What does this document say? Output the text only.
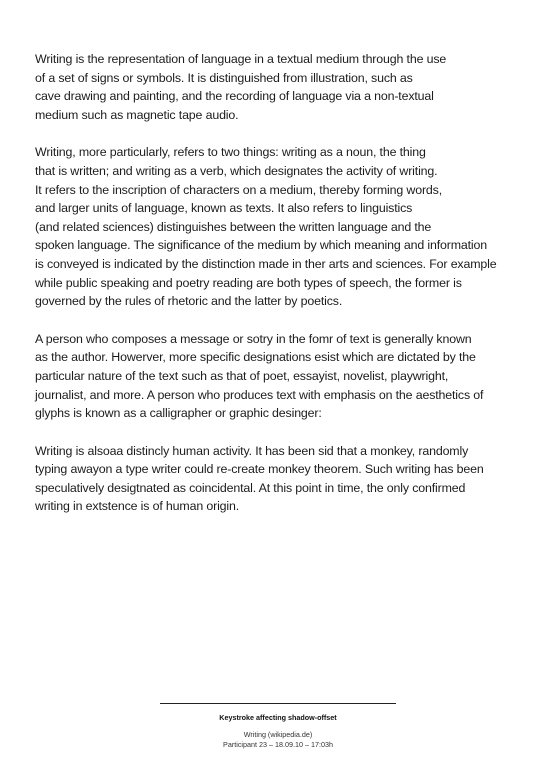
Writing is the representation of language in a textual medium through the use
of a set of signs or symbols. It is distinguished from illustration, such as
cave drawing and painting, and the recording of language via a non-textual
medium such as magnetic tape audio.

Writing, more particularly, refers to two things: writing as a noun, the thing
that is written; and writing as a verb, which designates the activity of writing.
It refers to the inscription of characters on a medium, thereby forming words,
and larger units of language, known as texts. It also refers to linguistics
(and related sciences) distinguishes between the written language and the
spoken language. The significance of the medium by which meaning and information
is conveyed is indicated by the distinction made in ther arts and sciences. For example
while public speaking and poetry reading are both types of speech, the former is
governed by the rules of rhetoric and the latter by poetics.

A person who composes a message or sotry in the fomr of text is generally known
as the author. Howerver, more specific designations esist which are dictated by the
particular nature of the text such as that of poet, essayist, novelist, playwright,
journalist, and more. A person who produces text with emphasis on the aesthetics of
glyphs is known as a calligrapher or graphic desinger:

Writing is alsoaa distincly human activity. It has been sid that a monkey, randomly
typing awayon a type writer could re-create monkey theorem. Such writing has been
speculatively desigtnated as coincidental. At this point in time, the only confirmed
writing in extstence is of human origin.

Keystroke affecting shadow-offset
Writing (wikipedia.de)
Participant 23 – 18.09.10 – 17:03h
